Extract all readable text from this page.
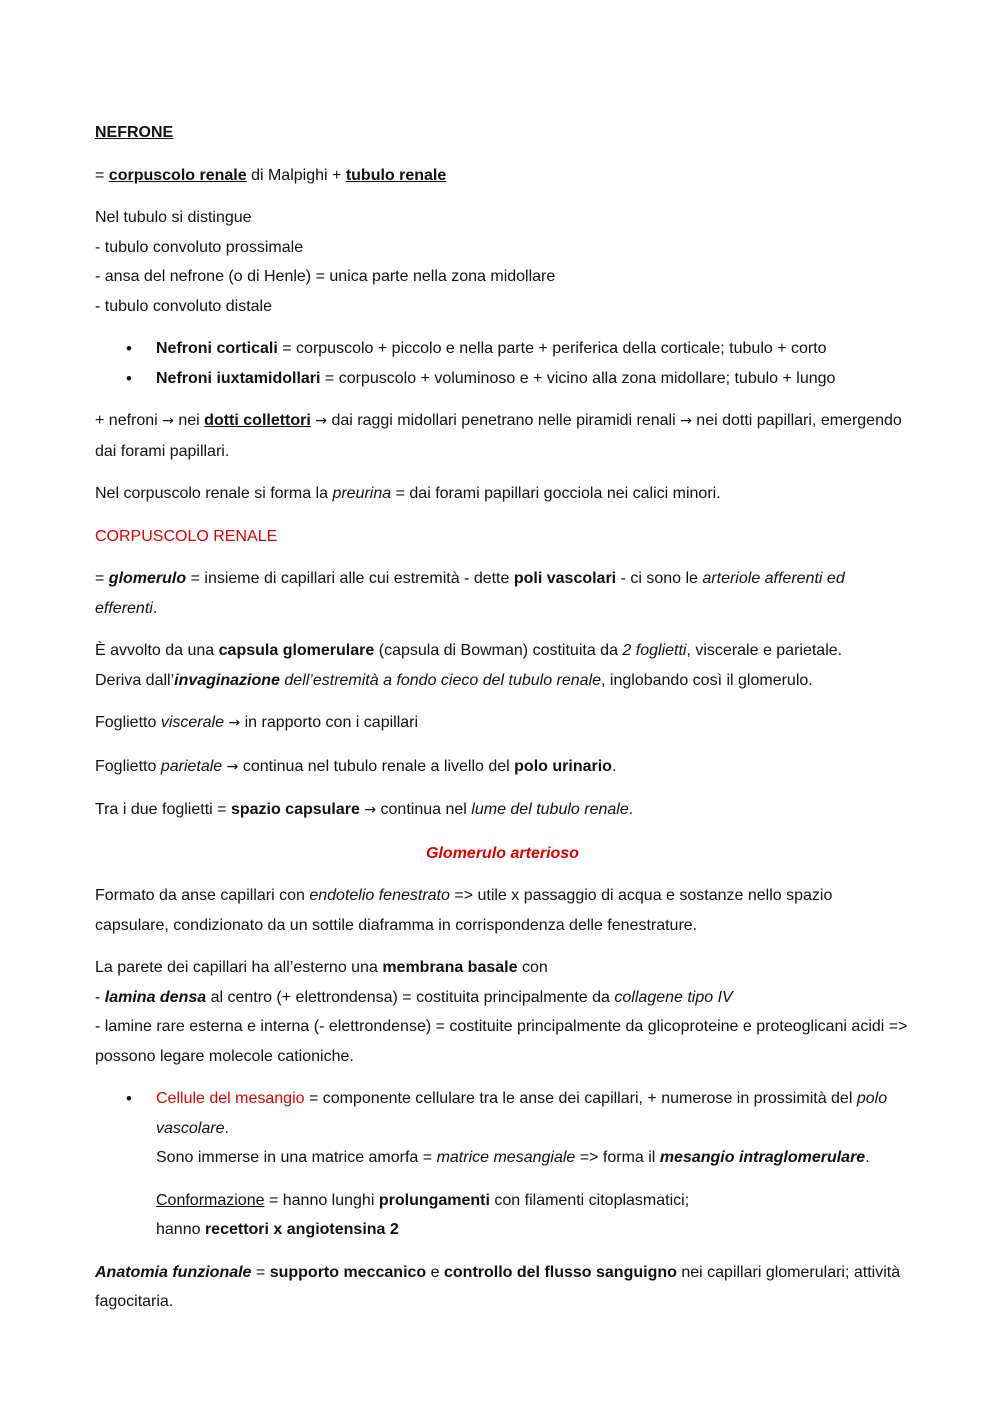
NEFRONE

= corpuscolo renale di Malpighi + tubulo renale

Nel tubulo si distingue
- tubulo convoluto prossimale
- ansa del nefrone (o di Henle) = unica parte nella zona midollare
- tubulo convoluto distale

• Nefroni corticali = corpuscolo + piccolo e nella parte + periferica della corticale; tubulo + corto
• Nefroni iuxtamidollari = corpuscolo + voluminoso e + vicino alla zona midollare; tubulo + lungo

+ nefroni → nei dotti collettori → dai raggi midollari penetrano nelle piramidi renali → nei dotti papillari, emergendo dai forami papillari.

Nel corpuscolo renale si forma la preurina = dai forami papillari gocciola nei calici minori.

CORPUSCOLO RENALE

= glomerulo = insieme di capillari alle cui estremità - dette poli vascolari - ci sono le arteriole afferenti ed efferenti.

È avvolto da una capsula glomerulare (capsula di Bowman) costituita da 2 foglietti, viscerale e parietale.
Deriva dall’invaginazione dell’estremità a fondo cieco del tubulo renale, inglobando così il glomerulo.

Foglietto viscerale → in rapporto con i capillari

Foglietto parietale → continua nel tubulo renale a livello del polo urinario.

Tra i due foglietti = spazio capsulare → continua nel lume del tubulo renale.

Glomerulo arterioso

Formato da anse capillari con endotelio fenestrato => utile x passaggio di acqua e sostanze nello spazio capsulare, condizionato da un sottile diaframma in corrispondenza delle fenestrature.

La parete dei capillari ha all’esterno una membrana basale con
- lamina densa al centro (+ elettrondensa) = costituita principalmente da collagene tipo IV
- lamine rare esterna e interna (- elettrondense) = costituite principalmente da glicoproteine e proteoglicani acidi => possono legare molecole cationiche.

• Cellule del mesangio = componente cellulare tra le anse dei capillari, + numerose in prossimità del polo vascolare.
Sono immerse in una matrice amorfa = matrice mesangiale => forma il mesangio intraglomerulare.

Conformazione = hanno lunghi prolungamenti con filamenti citoplasmatici;
hanno recettori x angiotensina 2

Anatomia funzionale = supporto meccanico e controllo del flusso sanguigno nei capillari glomerulari; attività fagocitaria.
